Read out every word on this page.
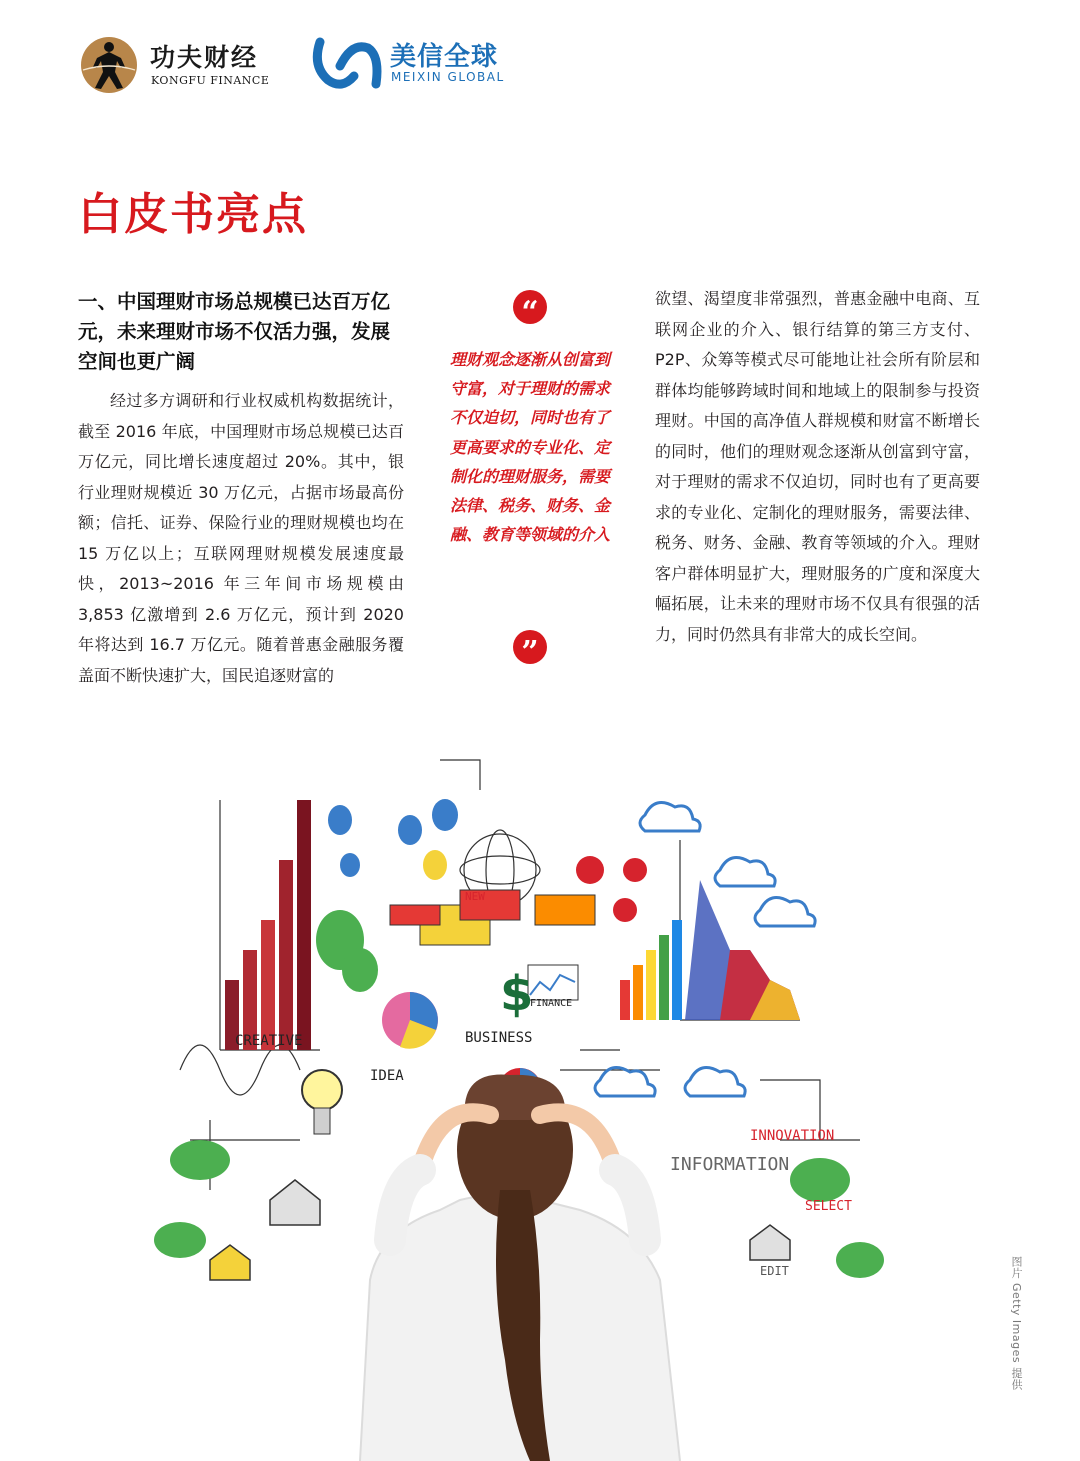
功夫财经
KONGFU FINANCE
美信全球
MEIXIN GLOBAL
白皮书亮点
一、中国理财市场总规模已达百万亿元，未来理财市场不仅活力强，发展空间也更广阔
经过多方调研和行业权威机构数据统计，截至 2016 年底，中国理财市场总规模已达百万亿元，同比增长速度超过 20%。其中，银行业理财规模近 30 万亿元，占据市场最高份额；信托、证券、保险行业的理财规模也均在 15 万亿以上；互联网理财规模发展速度最快，2013~2016 年三年间市场规模由 3,853 亿激增到 2.6 万亿元，预计到 2020 年将达到 16.7 万亿元。随着普惠金融服务覆盖面不断快速扩大，国民追逐财富的
“
理财观念逐渐从创富到守富，对于理财的需求不仅迫切，同时也有了更高要求的专业化、定制化的理财服务，需要法律、税务、财务、金融、教育等领域的介入
”
欲望、渴望度非常强烈，普惠金融中电商、互联网企业的介入、银行结算的第三方支付、P2P、众筹等模式尽可能地让社会所有阶层和群体均能够跨域时间和地域上的限制参与投资理财。中国的高净值人群规模和财富不断增长的同时，他们的理财观念逐渐从创富到守富，对于理财的需求不仅迫切，同时也有了更高要求的专业化、定制化的理财服务，需要法律、税务、财务、金融、教育等领域的介入。理财客户群体明显扩大，理财服务的广度和深度大幅拓展，让未来的理财市场不仅具有很强的活力，同时仍然具有非常大的成长空间。
图片 Getty Images 提供
